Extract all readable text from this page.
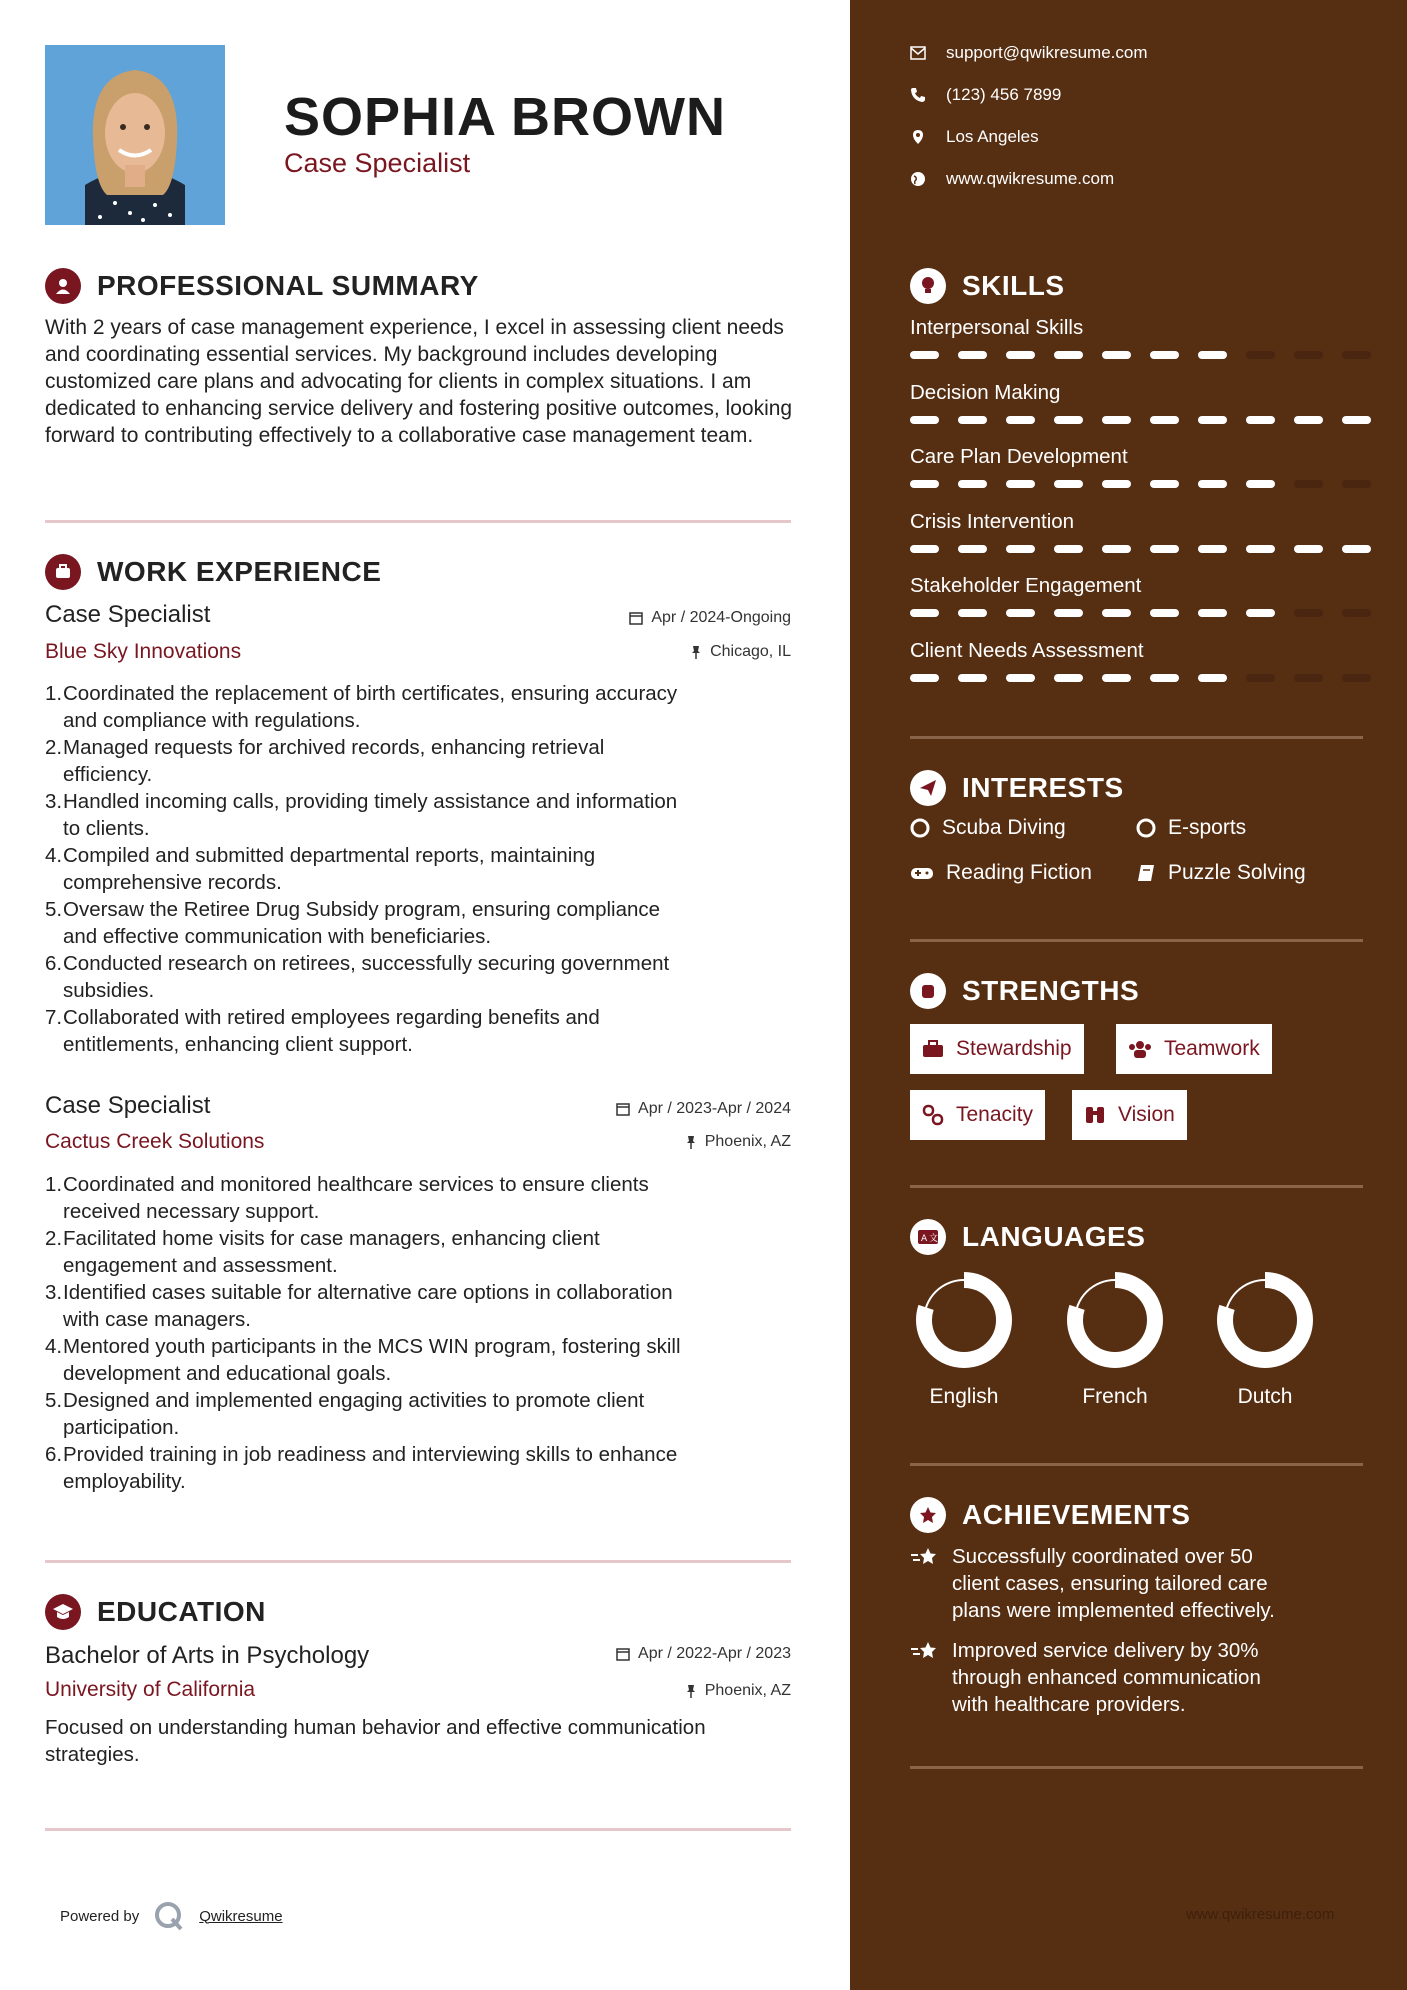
SOPHIA BROWN
Case Specialist
PROFESSIONAL SUMMARY
With 2 years of case management experience, I excel in assessing client needs and coordinating essential services. My background includes developing customized care plans and advocating for clients in complex situations. I am dedicated to enhancing service delivery and fostering positive outcomes, looking forward to contributing effectively to a collaborative case management team.
WORK EXPERIENCE
Case Specialist	Apr / 2024-Ongoing
Blue Sky Innovations	Chicago, IL
1. Coordinated the replacement of birth certificates, ensuring accuracy
and compliance with regulations.
2. Managed requests for archived records, enhancing retrieval
efficiency.
3. Handled incoming calls, providing timely assistance and information
to clients.
4. Compiled and submitted departmental reports, maintaining
comprehensive records.
5. Oversaw the Retiree Drug Subsidy program, ensuring compliance
and effective communication with beneficiaries.
6. Conducted research on retirees, successfully securing government
subsidies.
7. Collaborated with retired employees regarding benefits and
entitlements, enhancing client support.
Case Specialist	Apr / 2023-Apr / 2024
Cactus Creek Solutions	Phoenix, AZ
1. Coordinated and monitored healthcare services to ensure clients
received necessary support.
2. Facilitated home visits for case managers, enhancing client
engagement and assessment.
3. Identified cases suitable for alternative care options in collaboration
with case managers.
4. Mentored youth participants in the MCS WIN program, fostering skill
development and educational goals.
5. Designed and implemented engaging activities to promote client
participation.
6. Provided training in job readiness and interviewing skills to enhance
employability.
EDUCATION
Bachelor of Arts in Psychology	Apr / 2022-Apr / 2023
University of California	Phoenix, AZ
Focused on understanding human behavior and effective communication strategies.
Powered by	Qwikresume
support@qwikresume.com
(123) 456 7899
Los Angeles
www.qwikresume.com
SKILLS
Interpersonal Skills
Decision Making
Care Plan Development
Crisis Intervention
Stakeholder Engagement
Client Needs Assessment
INTERESTS
Scuba Diving	E-sports
Reading Fiction	Puzzle Solving
STRENGTHS
Stewardship	Teamwork
Tenacity	Vision
A 文 LANGUAGES
English	French	Dutch
ACHIEVEMENTS
Successfully coordinated over 50
client cases, ensuring tailored care
plans were implemented effectively.
Improved service delivery by 30%
through enhanced communication
with healthcare providers.
www.qwikresume.com
